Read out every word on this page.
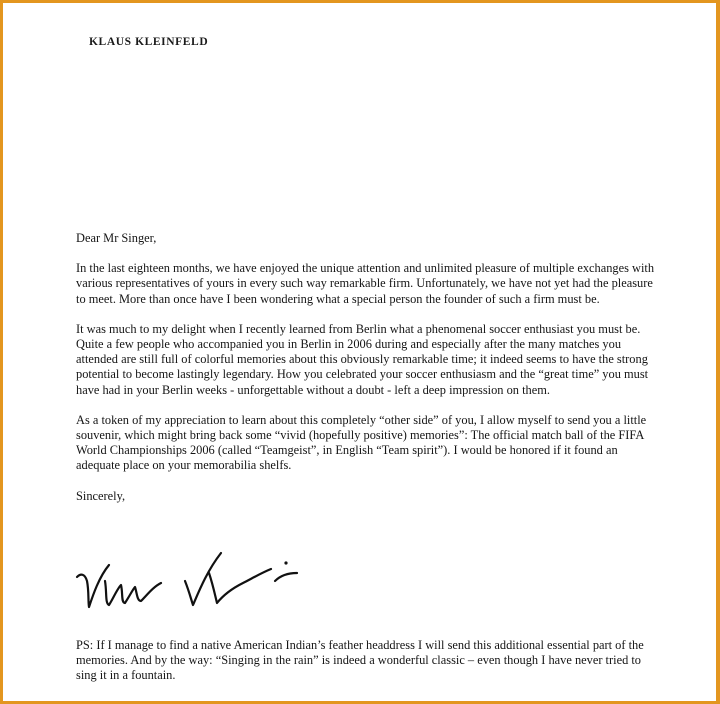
KLAUS KLEINFELD

Dear Mr Singer,

In the last eighteen months, we have enjoyed the unique attention and unlimited pleasure of multiple exchanges with various representatives of yours in every such way remarkable firm. Unfortunately, we have not yet had the pleasure to meet. More than once have I been wondering what a special person the founder of such a firm must be.

It was much to my delight when I recently learned from Berlin what a phenomenal soccer enthusiast you must be. Quite a few people who accompanied you in Berlin in 2006 during and especially after the many matches you attended are still full of colorful memories about this obviously remarkable time; it indeed seems to have the strong potential to become lastingly legendary. How you celebrated your soccer enthusiasm and the “great time” you must have had in your Berlin weeks - unforgettable without a doubt - left a deep impression on them.

As a token of my appreciation to learn about this completely “other side” of you, I allow myself to send you a little souvenir, which might bring back some “vivid (hopefully positive) memories”: The official match ball of the FIFA World Championships 2006 (called “Teamgeist”, in English “Team spirit”). I would be honored if it found an adequate place on your memorabilia shelfs.

Sincerely,

PS: If I manage to find a native American Indian’s feather headdress I will send this additional essential part of the memories. And by the way: “Singing in the rain” is indeed a wonderful classic – even though I have never tried to sing it in a fountain.
